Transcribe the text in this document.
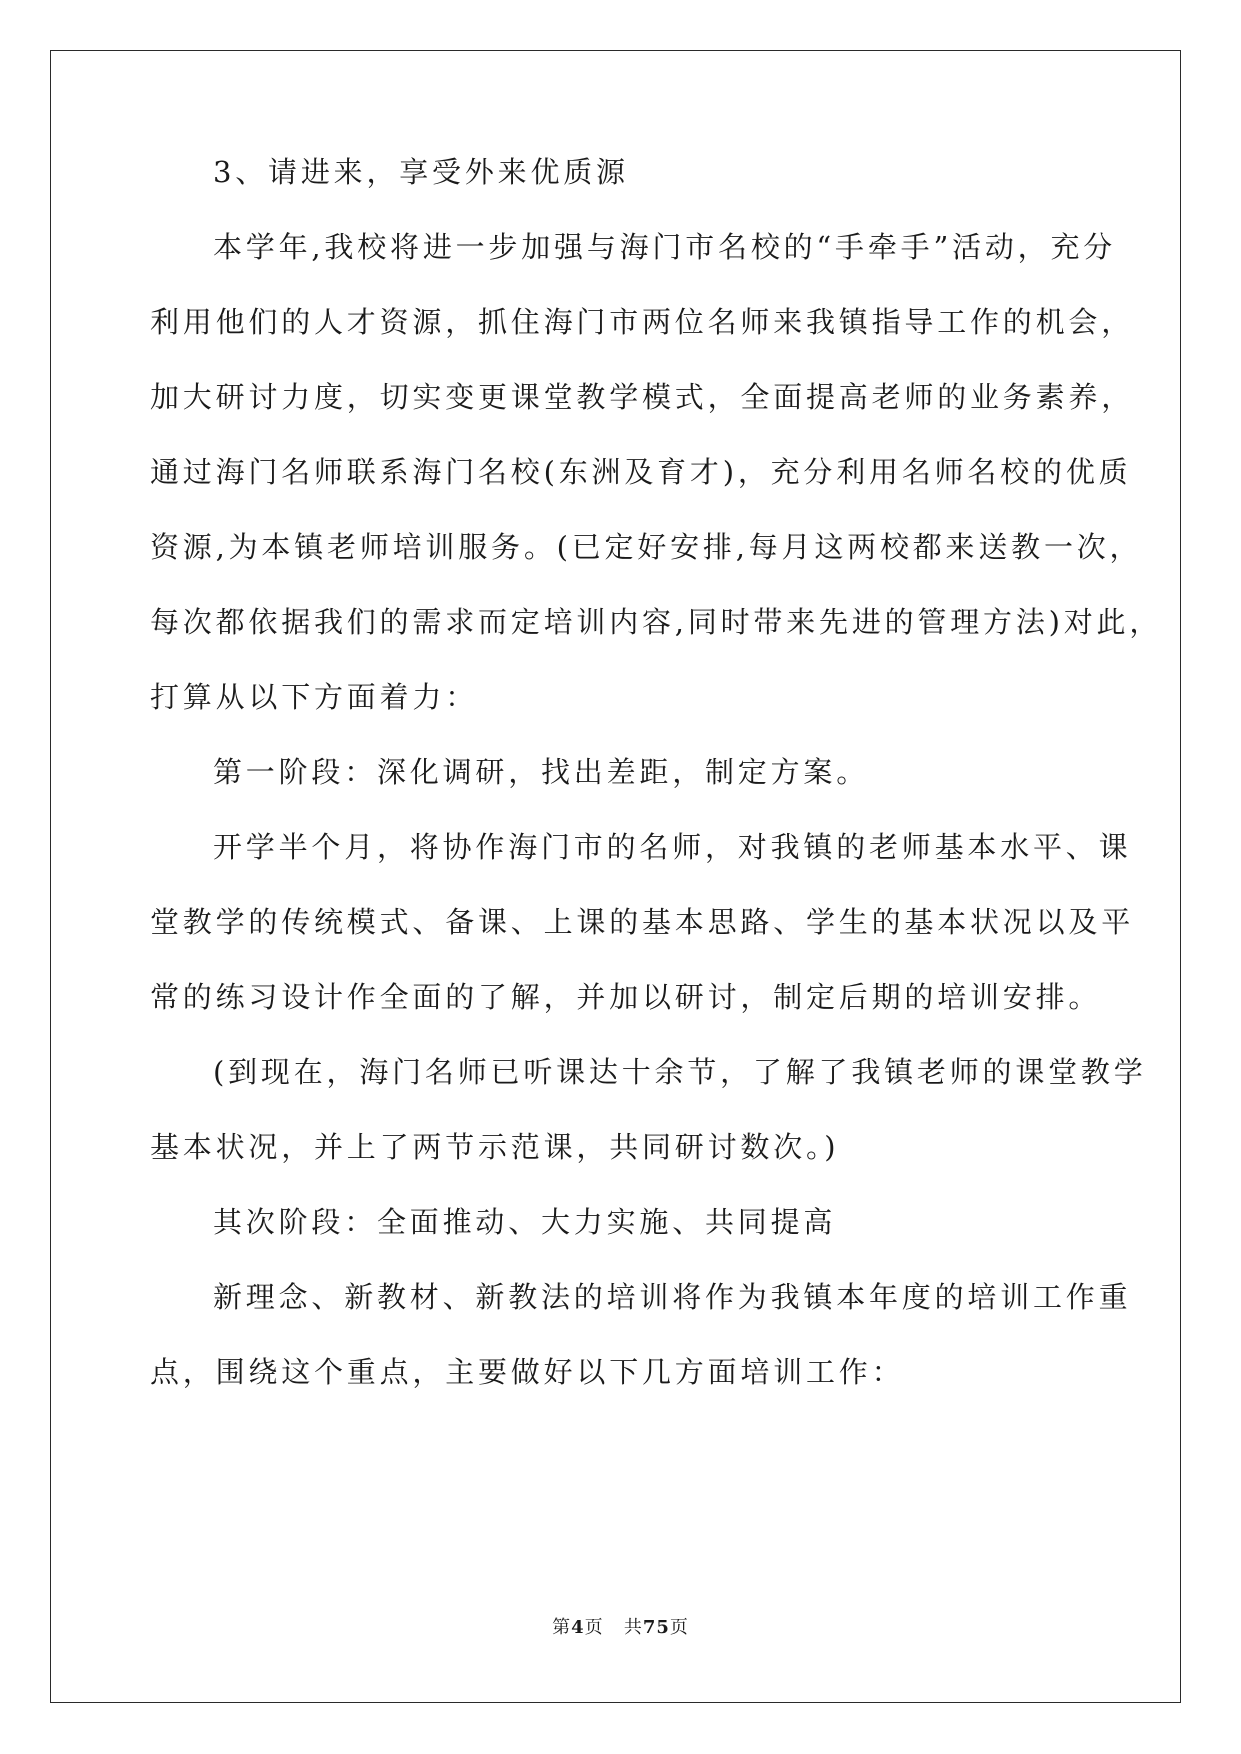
3、请进来，享受外来优质源
本学年,我校将进一步加强与海门市名校的“手牵手”活动，充分
利用他们的人才资源，抓住海门市两位名师来我镇指导工作的机会，
加大研讨力度，切实变更课堂教学模式，全面提高老师的业务素养，
通过海门名师联系海门名校(东洲及育才)，充分利用名师名校的优质
资源,为本镇老师培训服务。(已定好安排,每月这两校都来送教一次，
每次都依据我们的需求而定培训内容,同时带来先进的管理方法)对此，
打算从以下方面着力：
第一阶段：深化调研，找出差距，制定方案。
开学半个月，将协作海门市的名师，对我镇的老师基本水平、课
堂教学的传统模式、备课、上课的基本思路、学生的基本状况以及平
常的练习设计作全面的了解，并加以研讨，制定后期的培训安排。
(到现在，海门名师已听课达十余节，了解了我镇老师的课堂教学
基本状况，并上了两节示范课，共同研讨数次。)
其次阶段：全面推动、大力实施、共同提高
新理念、新教材、新教法的培训将作为我镇本年度的培训工作重
点，围绕这个重点，主要做好以下几方面培训工作：
第4页 共75页
